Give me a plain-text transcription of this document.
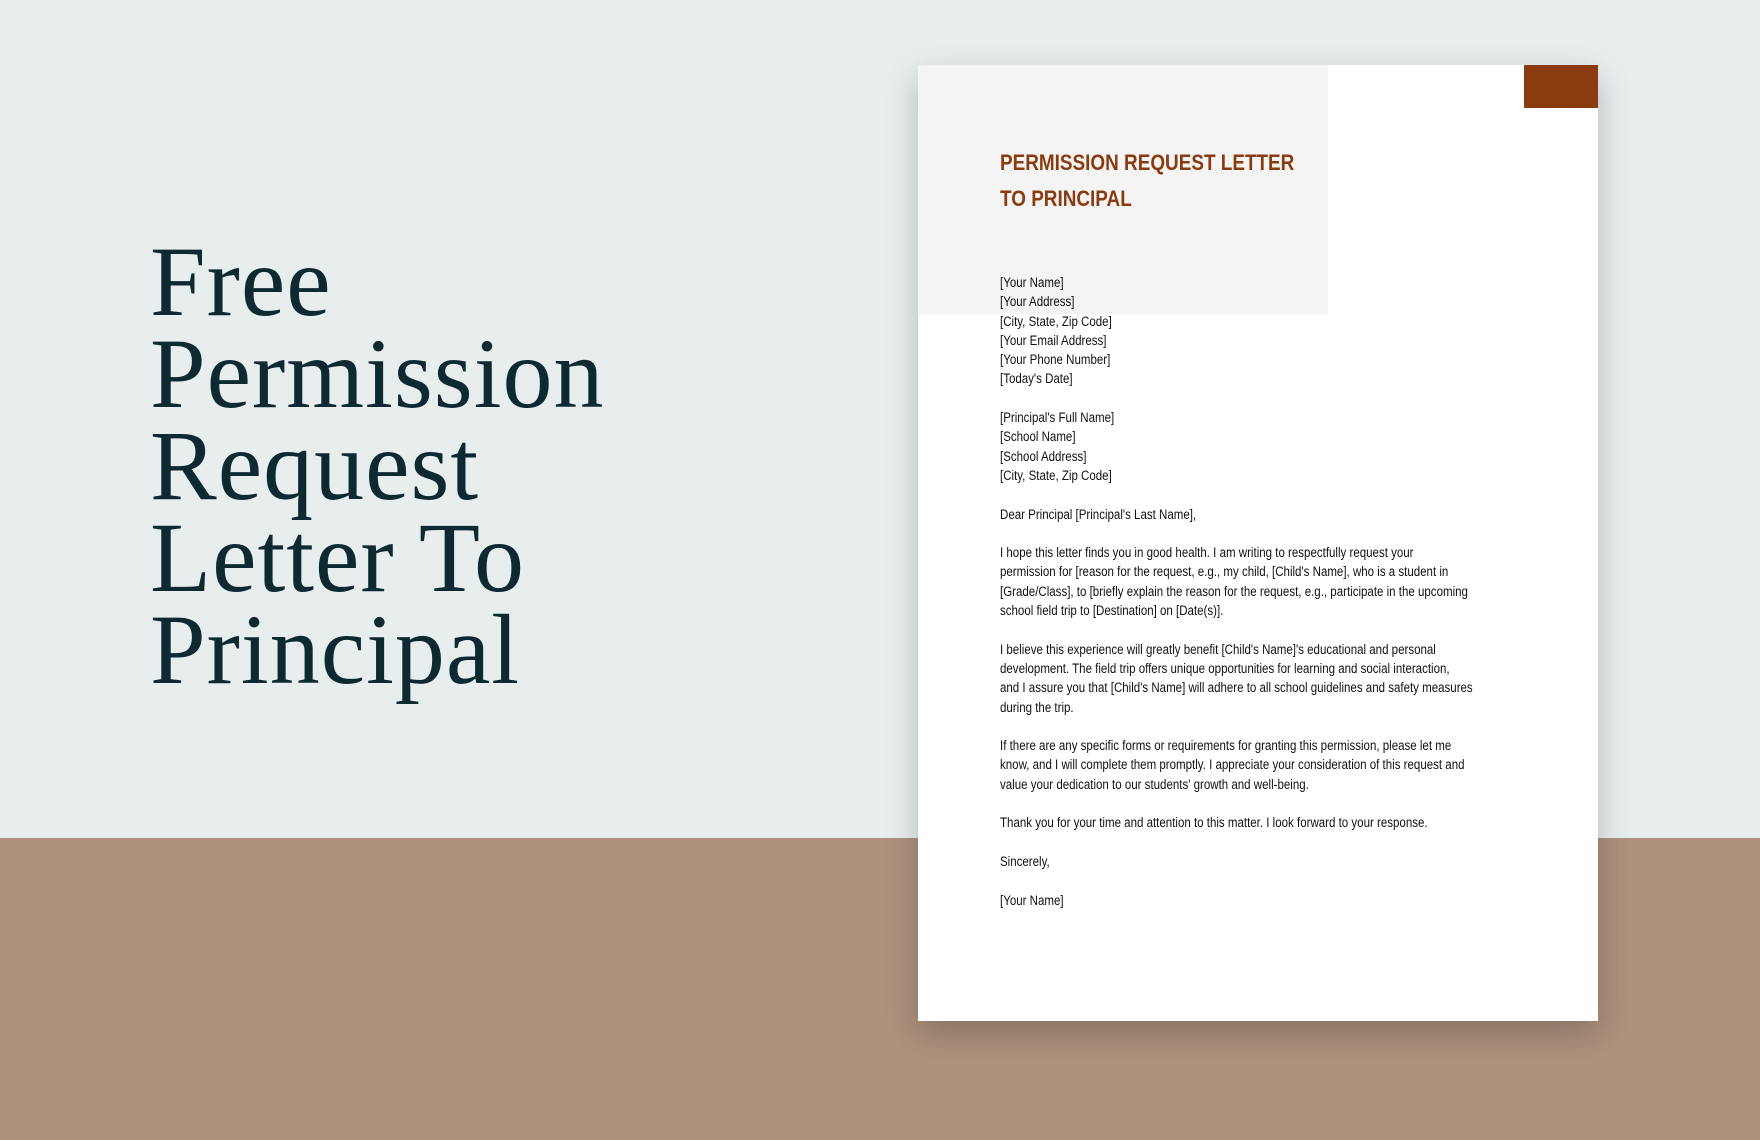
Free
Permission
Request
Letter To
Principal
PERMISSION REQUEST LETTER
TO PRINCIPAL
[Your Name]
[Your Address]
[City, State, Zip Code]
[Your Email Address]
[Your Phone Number]
[Today's Date]
[Principal's Full Name]
[School Name]
[School Address]
[City, State, Zip Code]
Dear Principal [Principal's Last Name],
I hope this letter finds you in good health. I am writing to respectfully request your
permission for [reason for the request, e.g., my child, [Child's Name], who is a student in
[Grade/Class], to [briefly explain the reason for the request, e.g., participate in the upcoming
school field trip to [Destination] on [Date(s)].
I believe this experience will greatly benefit [Child's Name]'s educational and personal
development. The field trip offers unique opportunities for learning and social interaction,
and I assure you that [Child's Name] will adhere to all school guidelines and safety measures
during the trip.
If there are any specific forms or requirements for granting this permission, please let me
know, and I will complete them promptly. I appreciate your consideration of this request and
value your dedication to our students' growth and well-being.
Thank you for your time and attention to this matter. I look forward to your response.
Sincerely,
[Your Name]
